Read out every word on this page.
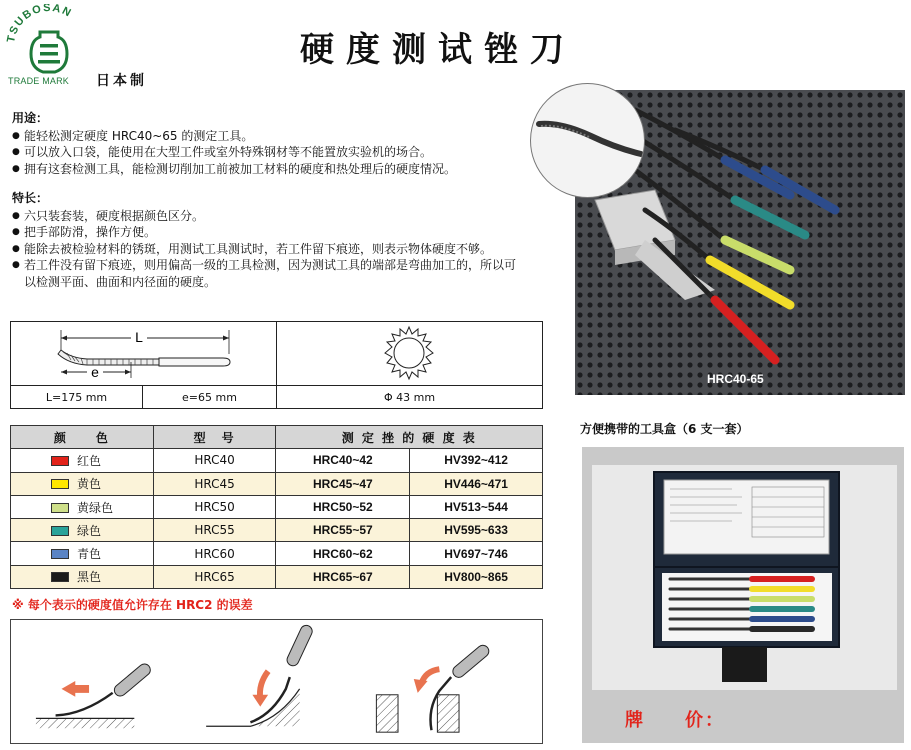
TSUBOSAN
TRADE MARK 日本制
硬度测试锉刀
用途：
● 能轻松测定硬度 HRC40~65 的测定工具。
● 可以放入口袋，能使用在大型工件或室外特殊钢材等不能置放实验机的场合。
● 拥有这套检测工具，能检测切削加工前被加工材料的硬度和热处理后的硬度情况。
特长：
● 六只装套装，硬度根据颜色区分。
● 把手部防滑，操作方便。
● 能除去被检验材料的锈斑，用测试工具测试时，若工件留下痕迹，则表示物体硬度不够。
● 若工件没有留下痕迹，则用偏高一级的工具检测，因为测试工具的端部是弯曲加工的，所以可以检测平面、曲面和内径面的硬度。
L
e
L=175 mm	e=65 mm	Φ 43 mm
颜　　色	型　号	测 定 挫 的 硬 度 表	
红色	HRC40	HRC40~42	HV392~412
黄色	HRC45	HRC45~47	HV446~471
黄绿色	HRC50	HRC50~52	HV513~544
绿色	HRC55	HRC55~57	HV595~633
青色	HRC60	HRC60~62	HV697~746
黑色	HRC65	HRC65~67	HV800~865
※ 每个表示的硬度值允许存在 HRC2 的误差
HRC40-65
方便携带的工具盒（6 支一套）
牌 价：
